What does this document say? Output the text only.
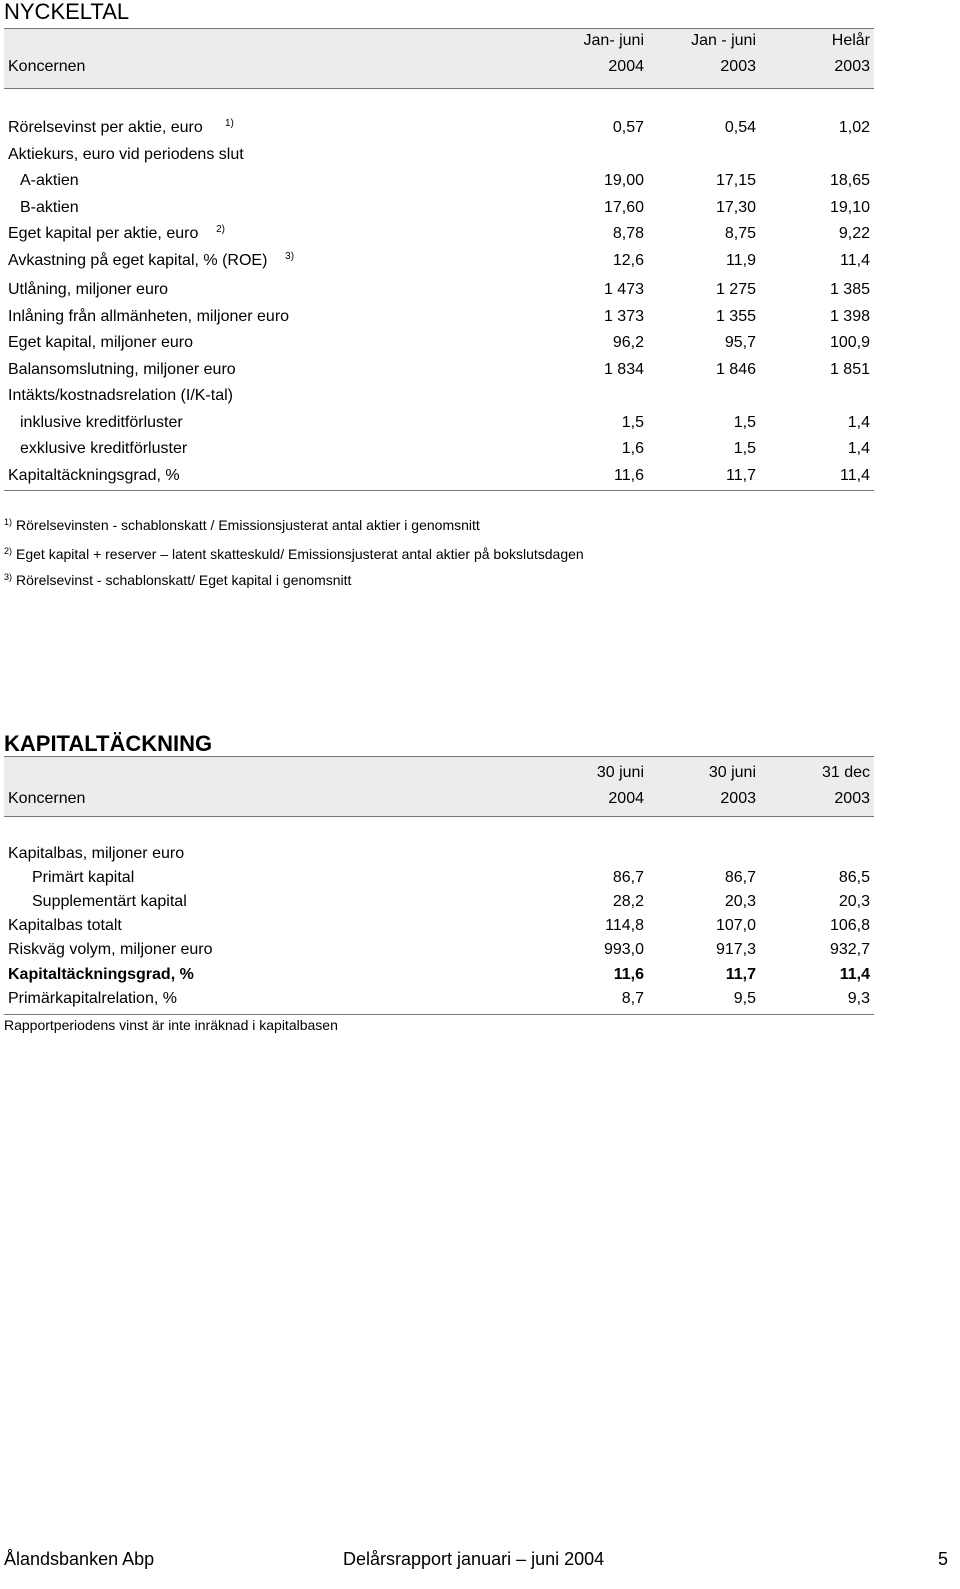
NYCKELTAL
Jan- juni	Jan - juni	Helår
Koncernen	2004	2003	2003
Rörelsevinst per aktie, euro $^{1)}$	0,57	0,54	1,02
Aktiekurs, euro vid periodens slut
A-aktien	19,00	17,15	18,65
B-aktien	17,60	17,30	19,10
Eget kapital per aktie, euro $^{2)}$	8,78	8,75	9,22
Avkastning på eget kapital, % (ROE) $^{3)}$	12,6	11,9	11,4
Utlåning, miljoner euro	1 473	1 275	1 385
Inlåning från allmänheten, miljoner euro	1 373	1 355	1 398
Eget kapital, miljoner euro	96,2	95,7	100,9
Balansomslutning, miljoner euro	1 834	1 846	1 851
Intäkts/kostnadsrelation (I/K-tal)
inklusive kreditförluster	1,5	1,5	1,4
exklusive kreditförluster	1,6	1,5	1,4
Kapitaltäckningsgrad, %	11,6	11,7	11,4
$^{1)}$ Rörelsevinsten - schablonskatt / Emissionsjusterat antal aktier i genomsnitt
$^{2)}$ Eget kapital + reserver – latent skatteskuld/ Emissionsjusterat antal aktier på bokslutsdagen
$^{3)}$ Rörelsevinst - schablonskatt/ Eget kapital i genomsnitt
KAPITALTÄCKNING
30 juni	30 juni	31 dec
Koncernen	2004	2003	2003
Kapitalbas, miljoner euro
Primärt kapital	86,7	86,7	86,5
Supplementärt kapital	28,2	20,3	20,3
Kapitalbas totalt	114,8	107,0	106,8
Riskväg volym, miljoner euro	993,0	917,3	932,7
Kapitaltäckningsgrad, %	11,6	11,7	11,4
Primärkapitalrelation, %	8,7	9,5	9,3
Rapportperiodens vinst är inte inräknad i kapitalbasen
Ålandsbanken Abp	Delårsrapport januari – juni 2004	5
